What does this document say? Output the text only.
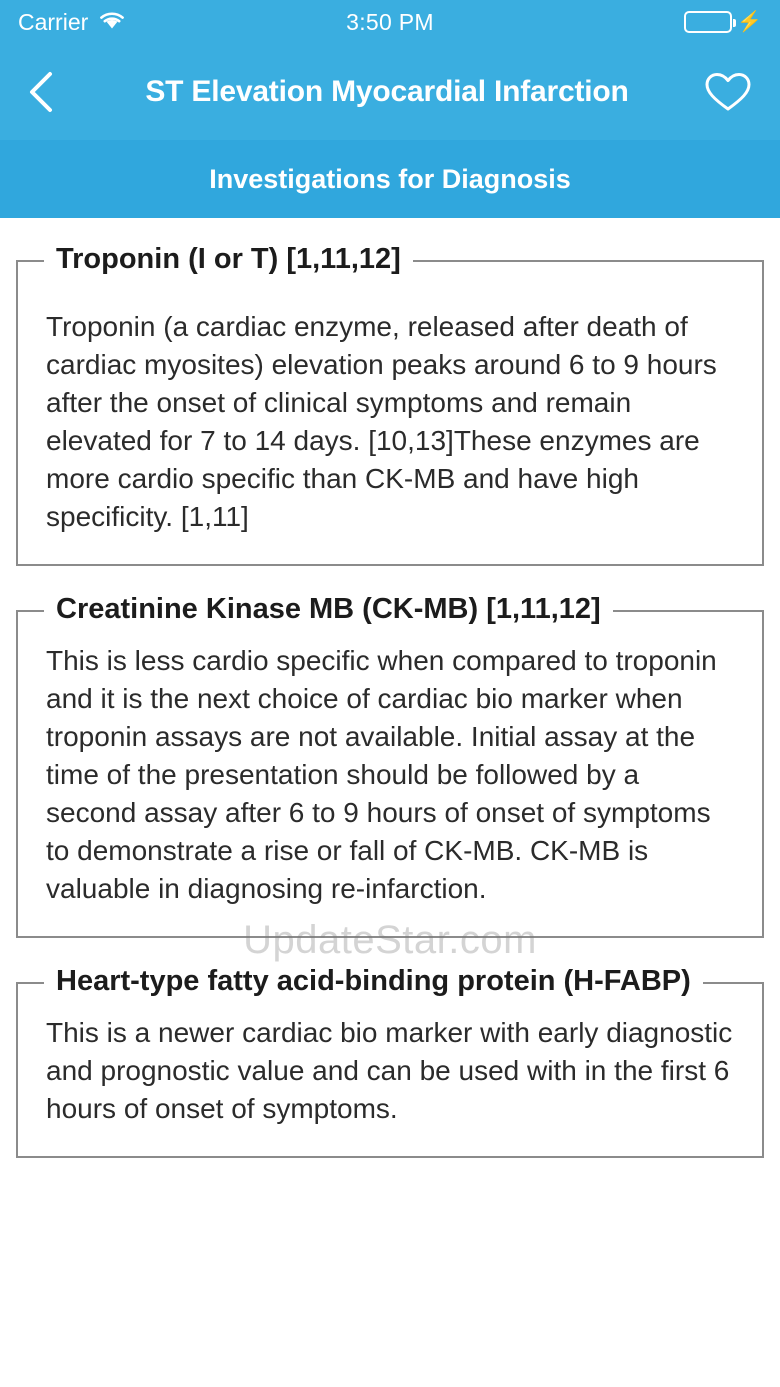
Carrier	3:50 PM	⚡
ST Elevation Myocardial Infarction
Investigations for Diagnosis
Troponin (I or T) [1,11,12]
Troponin (a cardiac enzyme, released after death of cardiac myosites) elevation peaks around 6 to 9 hours after the onset of clinical symptoms and remain elevated for 7 to 14 days. [10,13]These enzymes are more cardio specific than CK-MB and have high specificity. [1,11]
Creatinine Kinase MB (CK-MB) [1,11,12]
This is less cardio specific when compared to troponin and it is the next choice of cardiac bio marker when troponin assays are not available. Initial assay at the time of the presentation should be followed by a second assay after 6 to 9 hours of onset of symptoms to demonstrate a rise or fall of CK-MB. CK-MB is valuable in diagnosing re-infarction.
Heart-type fatty acid-binding protein (H-FABP)
This is a newer cardiac bio marker with early diagnostic and prognostic value and can be used with in the first 6 hours of onset of symptoms.
UpdateStar.com
